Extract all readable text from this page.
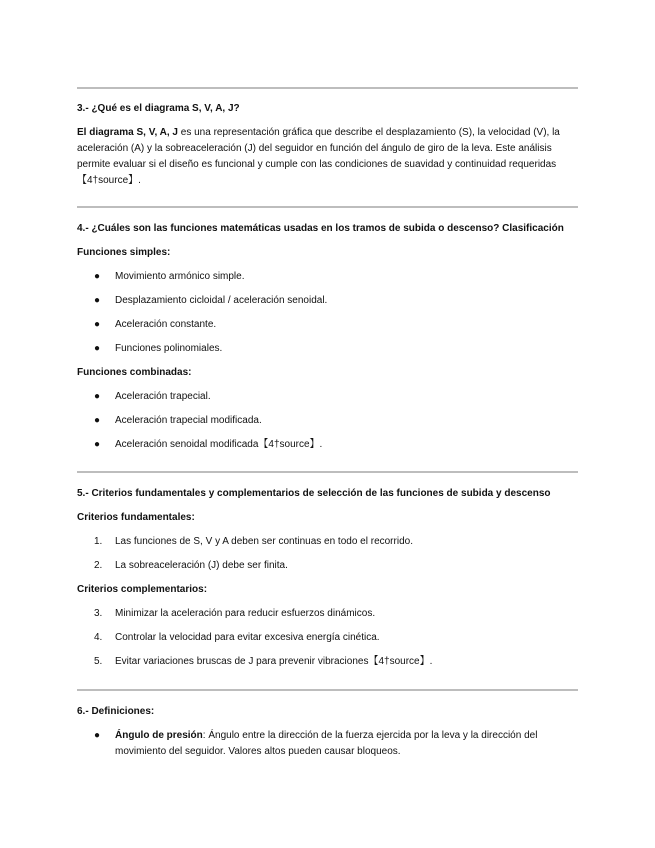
3.- ¿Qué es el diagrama S, V, A, J?
El diagrama S, V, A, J es una representación gráfica que describe el desplazamiento (S), la velocidad (V), la aceleración (A) y la sobreaceleración (J) del seguidor en función del ángulo de giro de la leva. Este análisis permite evaluar si el diseño es funcional y cumple con las condiciones de suavidad y continuidad requeridas【4†source】.
4.- ¿Cuáles son las funciones matemáticas usadas en los tramos de subida o descenso? Clasificación
Funciones simples:
●	Movimiento armónico simple.
●	Desplazamiento cicloidal / aceleración senoidal.
●	Aceleración constante.
●	Funciones polinomiales.
Funciones combinadas:
●	Aceleración trapecial.
●	Aceleración trapecial modificada.
●	Aceleración senoidal modificada【4†source】.
5.- Criterios fundamentales y complementarios de selección de las funciones de subida y descenso
Criterios fundamentales:
1.	Las funciones de S, V y A deben ser continuas en todo el recorrido.
2.	La sobreaceleración (J) debe ser finita.
Criterios complementarios:
3.	Minimizar la aceleración para reducir esfuerzos dinámicos.
4.	Controlar la velocidad para evitar excesiva energía cinética.
5.	Evitar variaciones bruscas de J para prevenir vibraciones【4†source】.
6.- Definiciones:
●	Ángulo de presión: Ángulo entre la dirección de la fuerza ejercida por la leva y la dirección del movimiento del seguidor. Valores altos pueden causar bloqueos.
